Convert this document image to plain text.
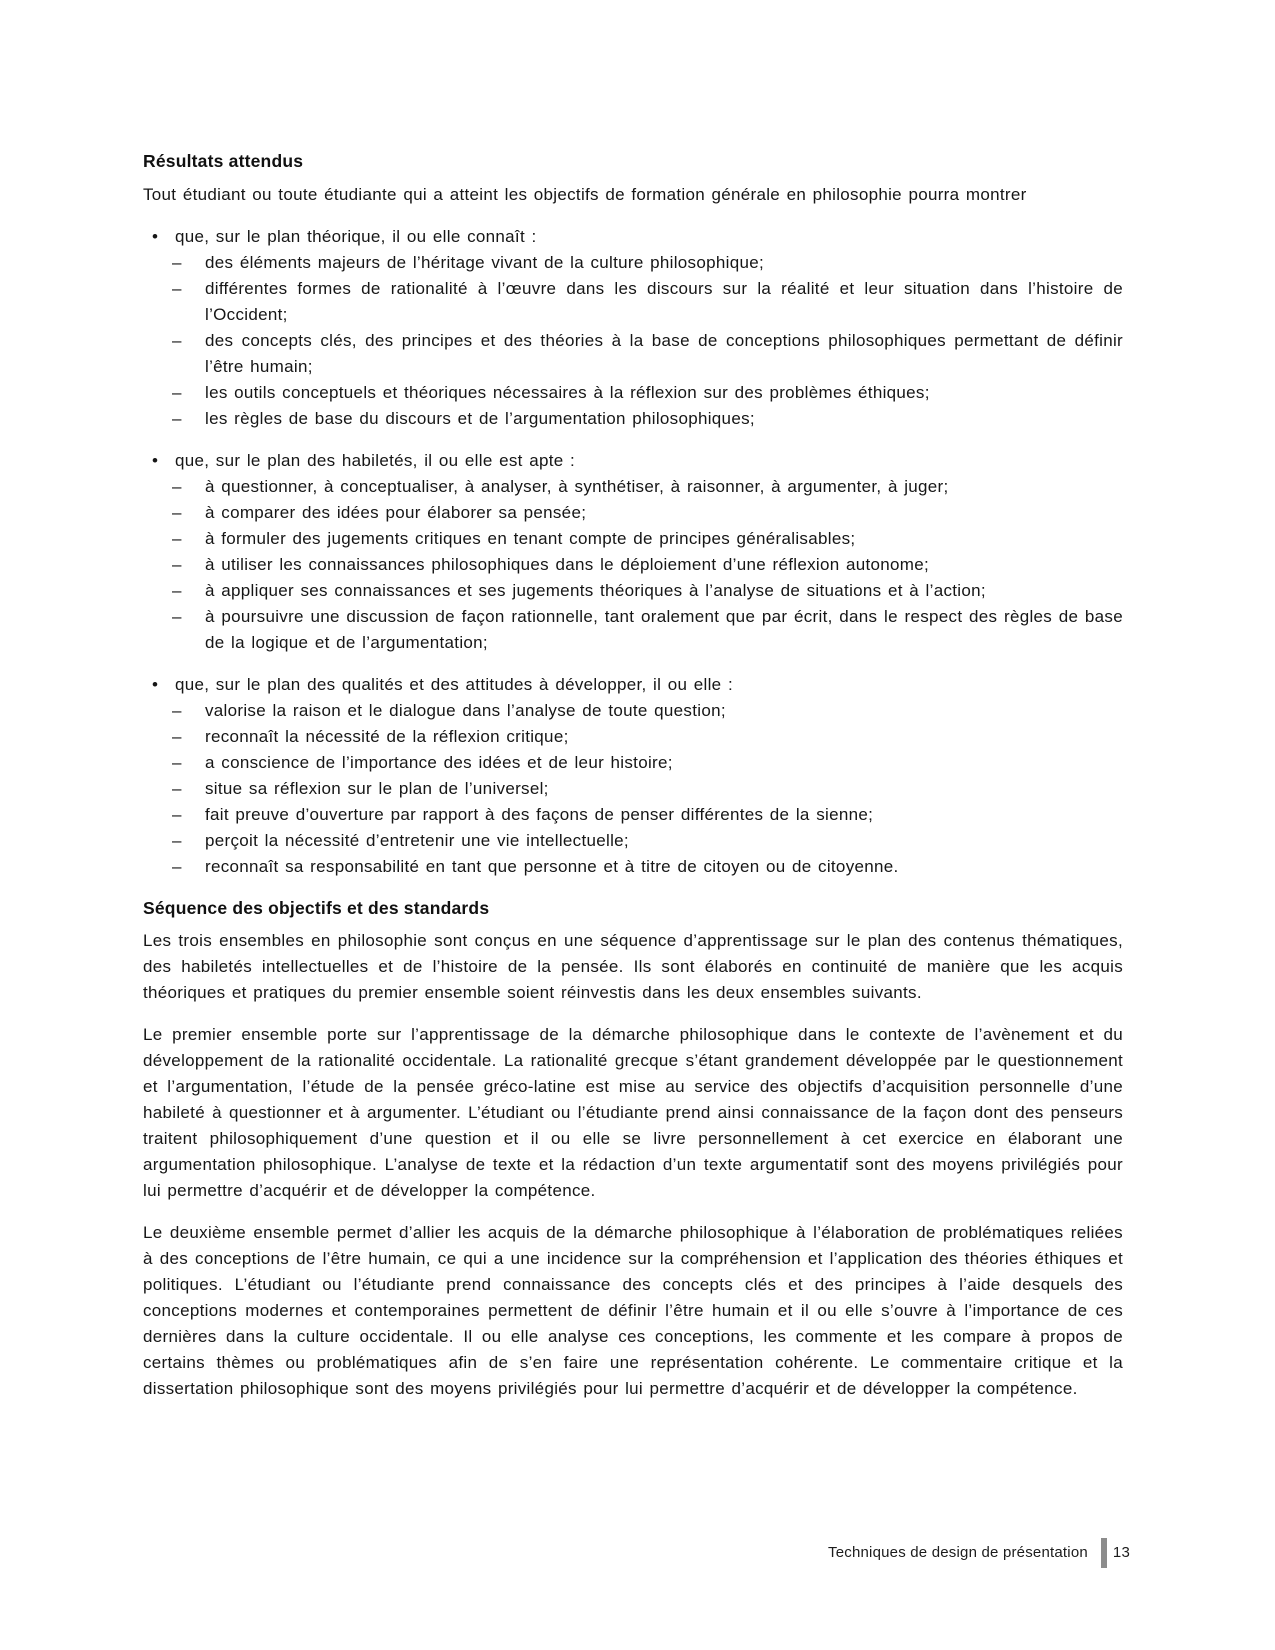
Résultats attendus

Tout étudiant ou toute étudiante qui a atteint les objectifs de formation générale en philosophie pourra montrer

• que, sur le plan théorique, il ou elle connaît :
– des éléments majeurs de l’héritage vivant de la culture philosophique;
– différentes formes de rationalité à l’œuvre dans les discours sur la réalité et leur situation dans l’histoire de l’Occident;
– des concepts clés, des principes et des théories à la base de conceptions philosophiques permettant de définir l’être humain;
– les outils conceptuels et théoriques nécessaires à la réflexion sur des problèmes éthiques;
– les règles de base du discours et de l’argumentation philosophiques;
• que, sur le plan des habiletés, il ou elle est apte :
– à questionner, à conceptualiser, à analyser, à synthétiser, à raisonner, à argumenter, à juger;
– à comparer des idées pour élaborer sa pensée;
– à formuler des jugements critiques en tenant compte de principes généralisables;
– à utiliser les connaissances philosophiques dans le déploiement d’une réflexion autonome;
– à appliquer ses connaissances et ses jugements théoriques à l’analyse de situations et à l’action;
– à poursuivre une discussion de façon rationnelle, tant oralement que par écrit, dans le respect des règles de base de la logique et de l’argumentation;
• que, sur le plan des qualités et des attitudes à développer, il ou elle :
– valorise la raison et le dialogue dans l’analyse de toute question;
– reconnaît la nécessité de la réflexion critique;
– a conscience de l’importance des idées et de leur histoire;
– situe sa réflexion sur le plan de l’universel;
– fait preuve d’ouverture par rapport à des façons de penser différentes de la sienne;
– perçoit la nécessité d’entretenir une vie intellectuelle;
– reconnaît sa responsabilité en tant que personne et à titre de citoyen ou de citoyenne.
Séquence des objectifs et des standards

Les trois ensembles en philosophie sont conçus en une séquence d’apprentissage sur le plan des contenus thématiques, des habiletés intellectuelles et de l’histoire de la pensée. Ils sont élaborés en continuité de manière que les acquis théoriques et pratiques du premier ensemble soient réinvestis dans les deux ensembles suivants.

Le premier ensemble porte sur l’apprentissage de la démarche philosophique dans le contexte de l’avènement et du développement de la rationalité occidentale. La rationalité grecque s’étant grandement développée par le questionnement et l’argumentation, l’étude de la pensée gréco-latine est mise au service des objectifs d’acquisition personnelle d’une habileté à questionner et à argumenter. L’étudiant ou l’étudiante prend ainsi connaissance de la façon dont des penseurs traitent philosophiquement d’une question et il ou elle se livre personnellement à cet exercice en élaborant une argumentation philosophique. L’analyse de texte et la rédaction d’un texte argumentatif sont des moyens privilégiés pour lui permettre d’acquérir et de développer la compétence.

Le deuxième ensemble permet d’allier les acquis de la démarche philosophique à l’élaboration de problématiques reliées à des conceptions de l’être humain, ce qui a une incidence sur la compréhension et l’application des théories éthiques et politiques. L’étudiant ou l’étudiante prend connaissance des concepts clés et des principes à l’aide desquels des conceptions modernes et contemporaines permettent de définir l’être humain et il ou elle s’ouvre à l’importance de ces dernières dans la culture occidentale. Il ou elle analyse ces conceptions, les commente et les compare à propos de certains thèmes ou problématiques afin de s’en faire une représentation cohérente. Le commentaire critique et la dissertation philosophique sont des moyens privilégiés pour lui permettre d’acquérir et de développer la compétence.

Techniques de design de présentation 13
